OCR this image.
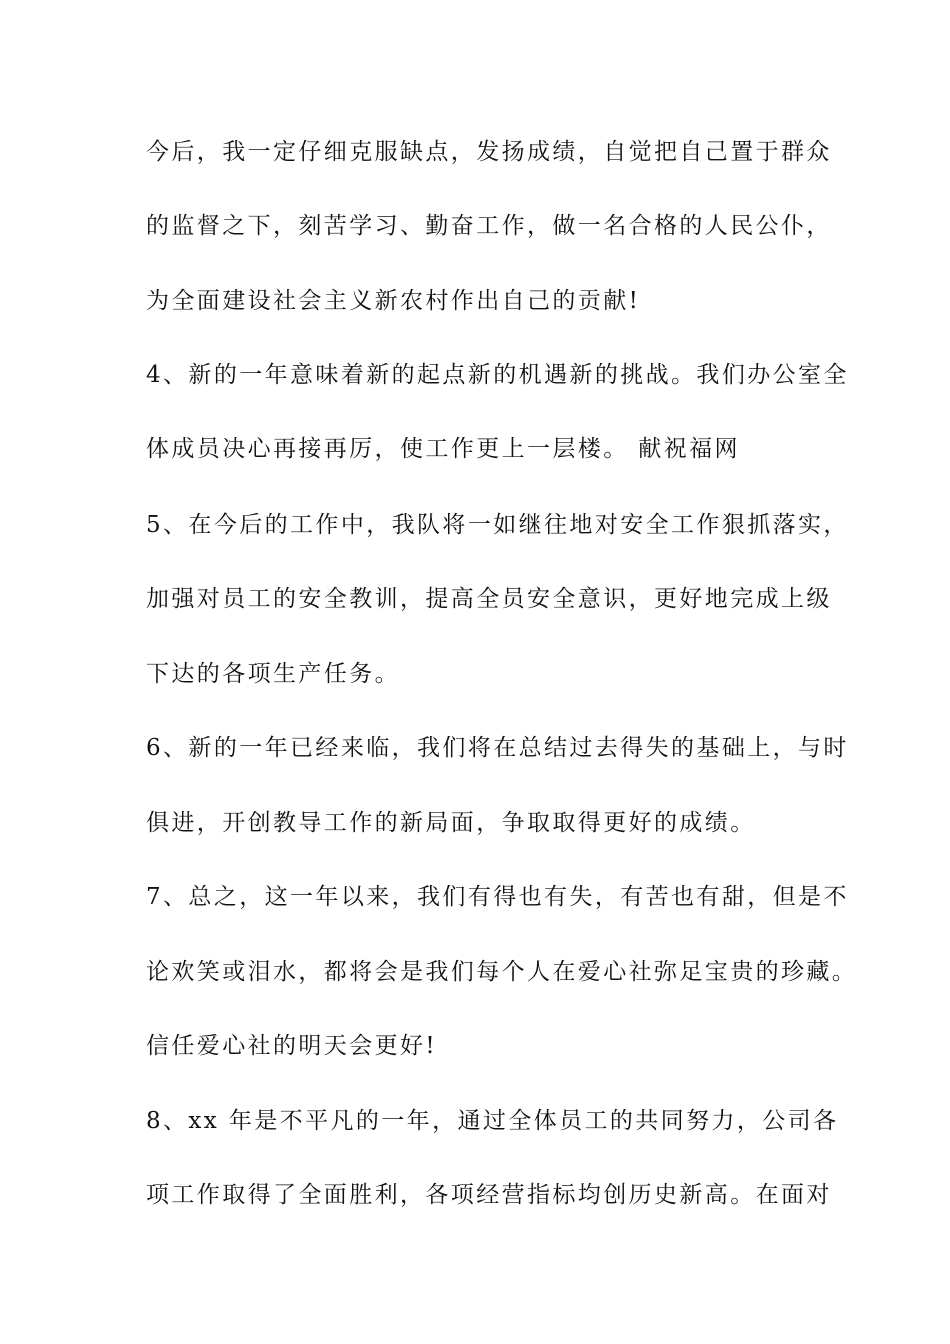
今后，我一定仔细克服缺点，发扬成绩，自觉把自己置于群众
的监督之下，刻苦学习、勤奋工作，做一名合格的人民公仆，
为全面建设社会主义新农村作出自己的贡献!
4、新的一年意味着新的起点新的机遇新的挑战。我们办公室全
体成员决心再接再厉，使工作更上一层楼。 献祝福网
5、在今后的工作中，我队将一如继往地对安全工作狠抓落实，
加强对员工的安全教训，提高全员安全意识，更好地完成上级
下达的各项生产任务。
6、新的一年已经来临，我们将在总结过去得失的基础上，与时
俱进，开创教导工作的新局面，争取取得更好的成绩。
7、总之，这一年以来，我们有得也有失，有苦也有甜，但是不
论欢笑或泪水，都将会是我们每个人在爱心社弥足宝贵的珍藏。
信任爱心社的明天会更好!
8、xx 年是不平凡的一年，通过全体员工的共同努力，公司各
项工作取得了全面胜利，各项经营指标均创历史新高。在面对
